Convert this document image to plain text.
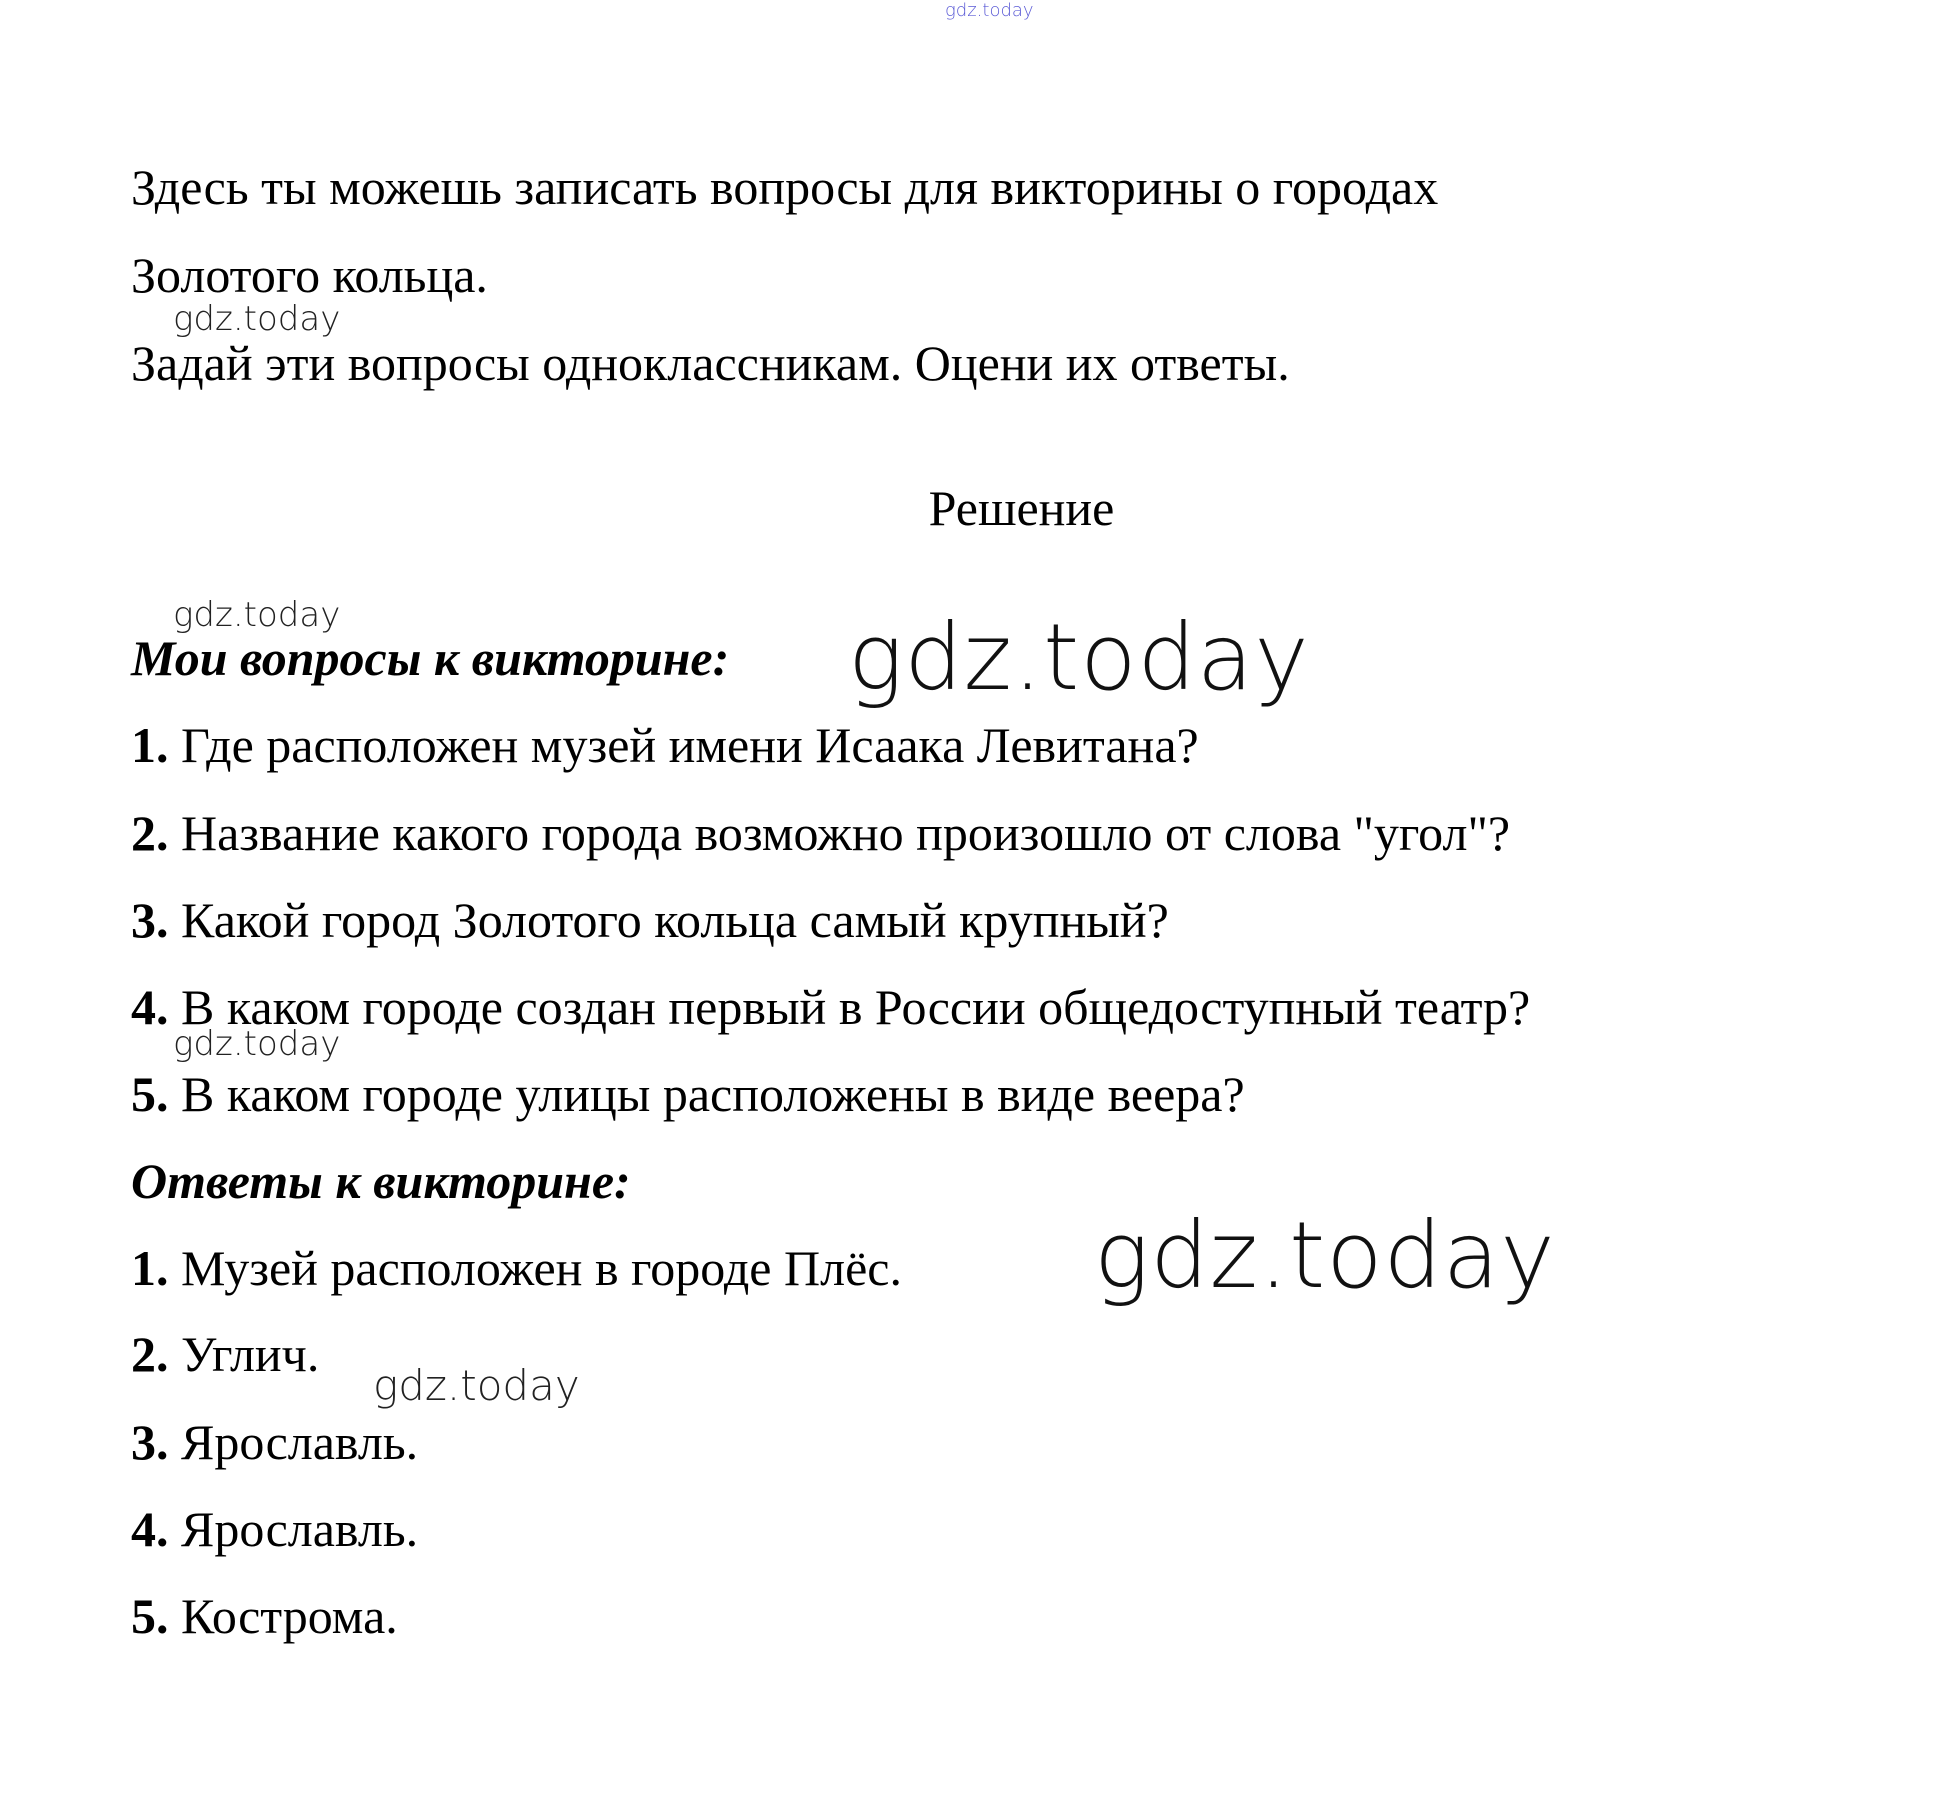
gdz.today
Здесь ты можешь записать вопросы для викторины о городах
Золотого кольца.
gdz.today
Задай эти вопросы одноклассникам. Оцени их ответы.
Решение
gdz.today
Мои вопросы к викторине: gdz.today
1. Где расположен музей имени Исаака Левитана?
2. Название какого города возможно произошло от слова "угол"?
3. Какой город Золотого кольца самый крупный?
4. В каком городе создан первый в России общедоступный театр?
gdz.today
5. В каком городе улицы расположены в виде веера?
Ответы к викторине:
1. Музей расположен в городе Плёс. gdz.today
2. Углич.
gdz.today
3. Ярославль.
4. Ярославль.
5. Кострома.
